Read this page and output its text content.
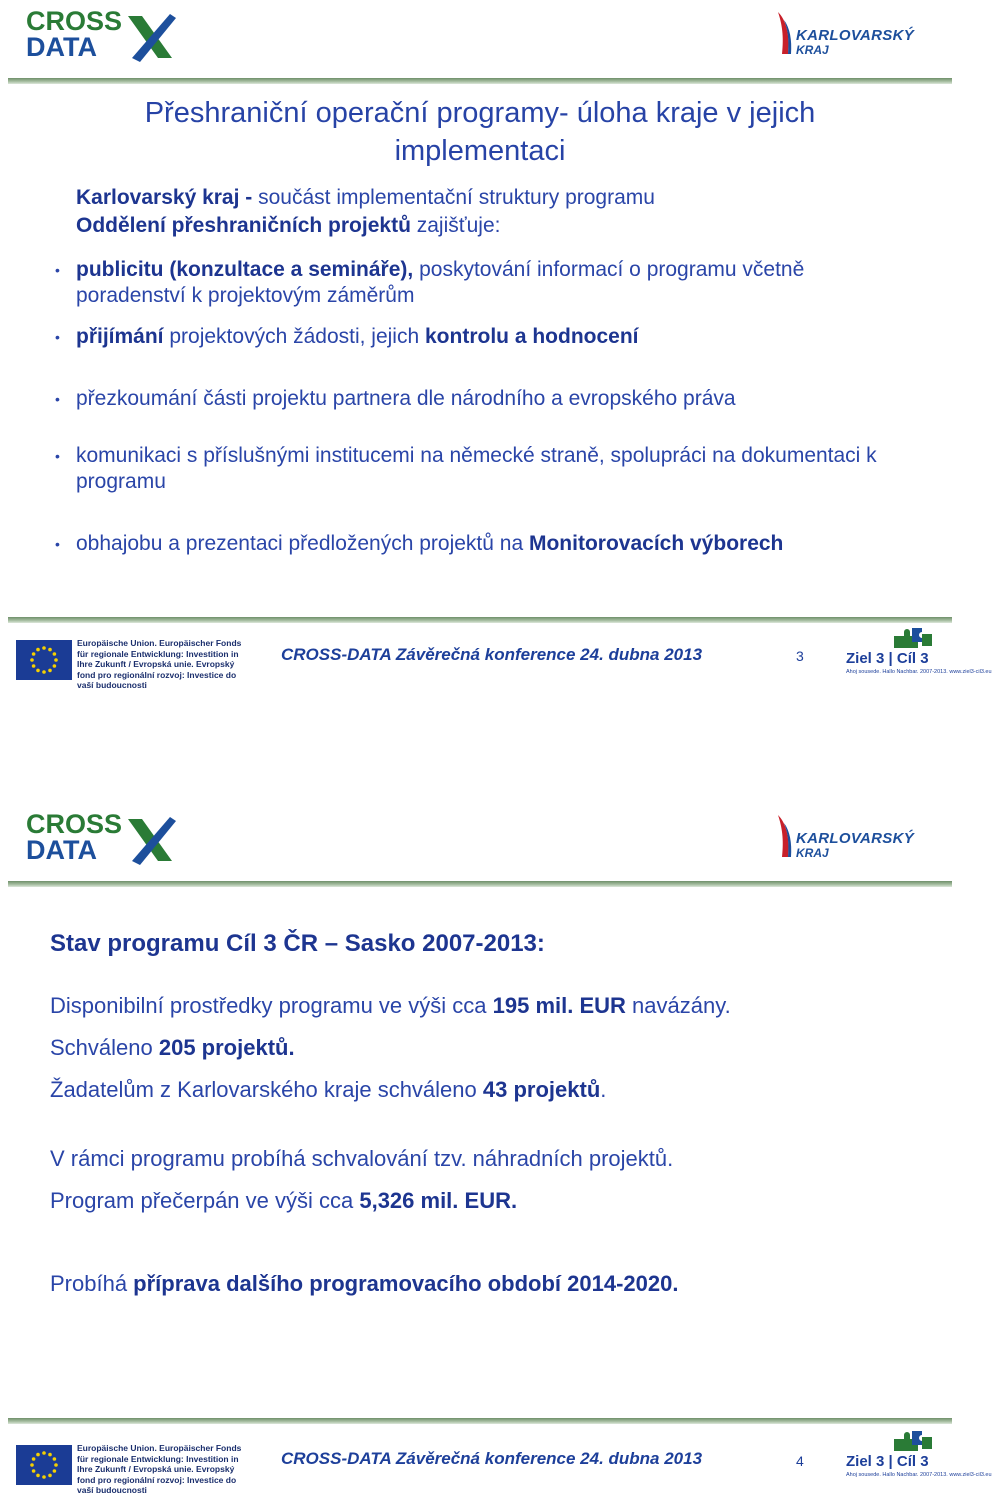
CROSS
DATA	KARLOVARSKÝ
KRAJ
Přeshraniční operační programy- úloha kraje v jejich implementaci
Karlovarský kraj - součást implementační struktury programu
Oddělení přeshraničních projektů zajišťuje:
• publicitu (konzultace a semináře), poskytování informací o programu včetně poradenství k projektovým záměrům
• přijímání projektových žádosti, jejich kontrolu a hodnocení
• přezkoumání části projektu partnera dle národního a evropského práva
• komunikaci s příslušnými institucemi na německé straně, spolupráci na dokumentaci k programu
• obhajobu a prezentaci předložených projektů na Monitorovacích výborech
Europäische Union. Europäischer Fonds für regionale Entwicklung: Investition in Ihre Zukunft / Evropská unie. Evropský fond pro regionální rozvoj: Investice do vaší budoucnosti
CROSS-DATA Závěrečná konference 24. dubna 2013	3	Ziel 3 | Cíl 3
Ahoj sousede. Hallo Nachbar. 2007-2013. www.ziel3-cil3.eu
CROSS
DATA	KARLOVARSKÝ
KRAJ
Stav programu Cíl 3 ČR – Sasko 2007-2013:
Disponibilní prostředky programu ve výši cca 195 mil. EUR navázány.
Schváleno 205 projektů.
Žadatelům z Karlovarského kraje schváleno 43 projektů.
V rámci programu probíhá schvalování tzv. náhradních projektů.
Program přečerpán ve výši cca 5,326 mil. EUR.
Probíhá příprava dalšího programovacího období 2014-2020.
Europäische Union. Europäischer Fonds für regionale Entwicklung: Investition in Ihre Zukunft / Evropská unie. Evropský fond pro regionální rozvoj: Investice do vaší budoucnosti
CROSS-DATA Závěrečná konference 24. dubna 2013	4	Ziel 3 | Cíl 3
Ahoj sousede. Hallo Nachbar. 2007-2013. www.ziel3-cil3.eu
